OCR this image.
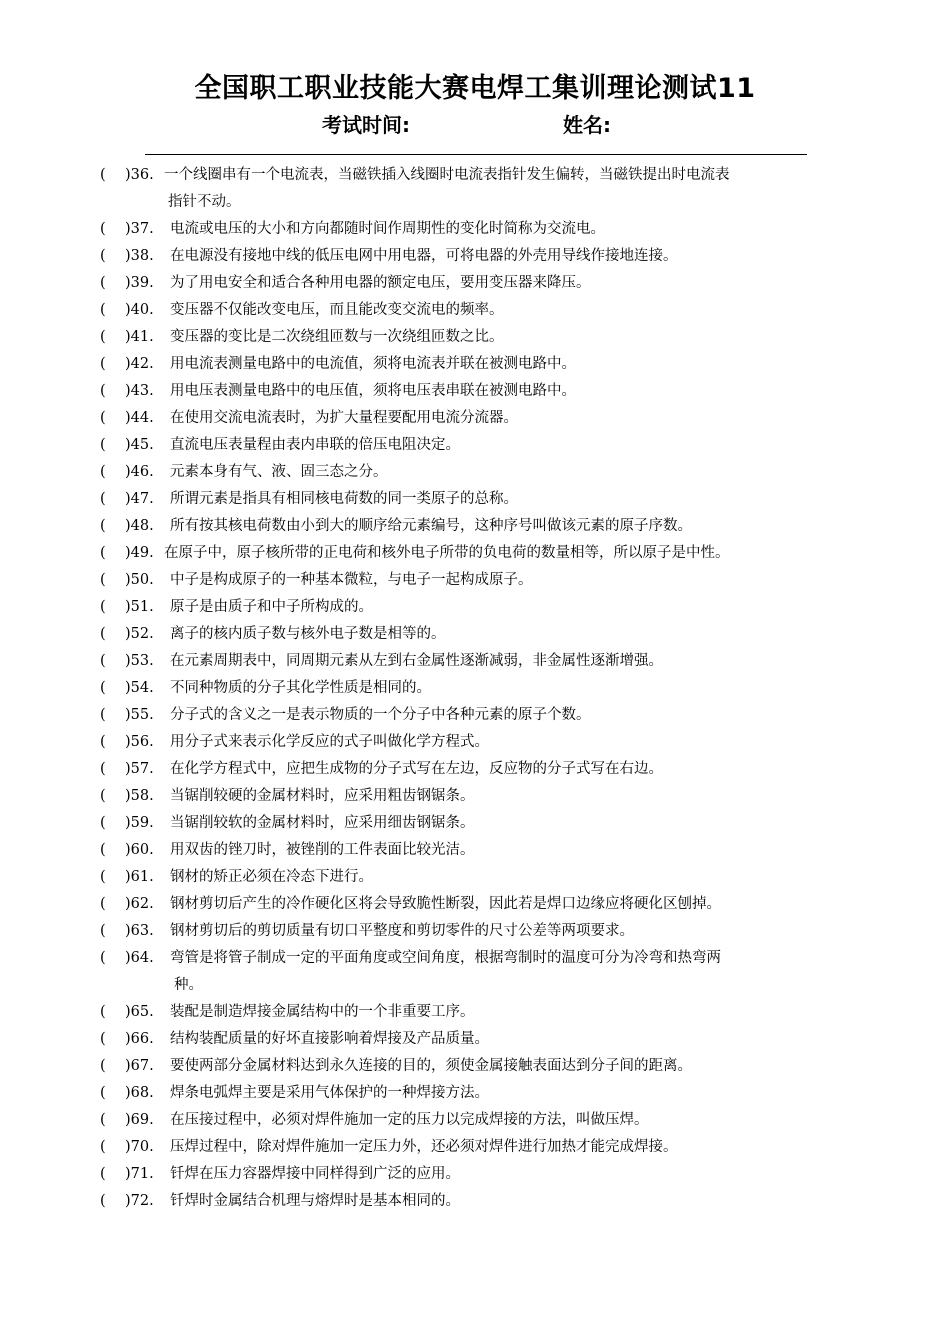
全国职工职业技能大赛电焊工集训理论测试11
考试时间:	姓名:
( )36. 一个线圈串有一个电流表，当磁铁插入线圈时电流表指针发生偏转，当磁铁提出时电流表
指针不动。
( )37. 电流或电压的大小和方向都随时间作周期性的变化时简称为交流电。
( )38. 在电源没有接地中线的低压电网中用电器，可将电器的外壳用导线作接地连接。
( )39. 为了用电安全和适合各种用电器的额定电压，要用变压器来降压。
( )40. 变压器不仅能改变电压，而且能改变交流电的频率。
( )41. 变压器的变比是二次绕组匝数与一次绕组匝数之比。
( )42. 用电流表测量电路中的电流值，须将电流表并联在被测电路中。
( )43. 用电压表测量电路中的电压值，须将电压表串联在被测电路中。
( )44. 在使用交流电流表时，为扩大量程要配用电流分流器。
( )45. 直流电压表量程由表内串联的倍压电阻决定。
( )46. 元素本身有气、液、固三态之分。
( )47. 所谓元素是指具有相同核电荷数的同一类原子的总称。
( )48. 所有按其核电荷数由小到大的顺序给元素编号，这种序号叫做该元素的原子序数。
( )49. 在原子中，原子核所带的正电荷和核外电子所带的负电荷的数量相等，所以原子是中性。
( )50. 中子是构成原子的一种基本微粒，与电子一起构成原子。
( )51. 原子是由质子和中子所构成的。
( )52. 离子的核内质子数与核外电子数是相等的。
( )53. 在元素周期表中，同周期元素从左到右金属性逐渐减弱，非金属性逐渐增强。
( )54. 不同种物质的分子其化学性质是相同的。
( )55. 分子式的含义之一是表示物质的一个分子中各种元素的原子个数。
( )56. 用分子式来表示化学反应的式子叫做化学方程式。
( )57. 在化学方程式中，应把生成物的分子式写在左边，反应物的分子式写在右边。
( )58. 当锯削较硬的金属材料时，应采用粗齿钢锯条。
( )59. 当锯削较软的金属材料时，应采用细齿钢锯条。
( )60. 用双齿的锉刀时，被锉削的工件表面比较光洁。
( )61. 钢材的矫正必须在冷态下进行。
( )62. 钢材剪切后产生的冷作硬化区将会导致脆性断裂，因此若是焊口边缘应将硬化区刨掉。
( )63. 钢材剪切后的剪切质量有切口平整度和剪切零件的尺寸公差等两项要求。
( )64. 弯管是将管子制成一定的平面角度或空间角度，根据弯制时的温度可分为冷弯和热弯两
种。
( )65. 装配是制造焊接金属结构中的一个非重要工序。
( )66. 结构装配质量的好坏直接影响着焊接及产品质量。
( )67. 要使两部分金属材料达到永久连接的目的，须使金属接触表面达到分子间的距离。
( )68. 焊条电弧焊主要是采用气体保护的一种焊接方法。
( )69. 在压接过程中，必须对焊件施加一定的压力以完成焊接的方法，叫做压焊。
( )70. 压焊过程中，除对焊件施加一定压力外，还必须对焊件进行加热才能完成焊接。
( )71. 钎焊在压力容器焊接中同样得到广泛的应用。
( )72. 钎焊时金属结合机理与熔焊时是基本相同的。
